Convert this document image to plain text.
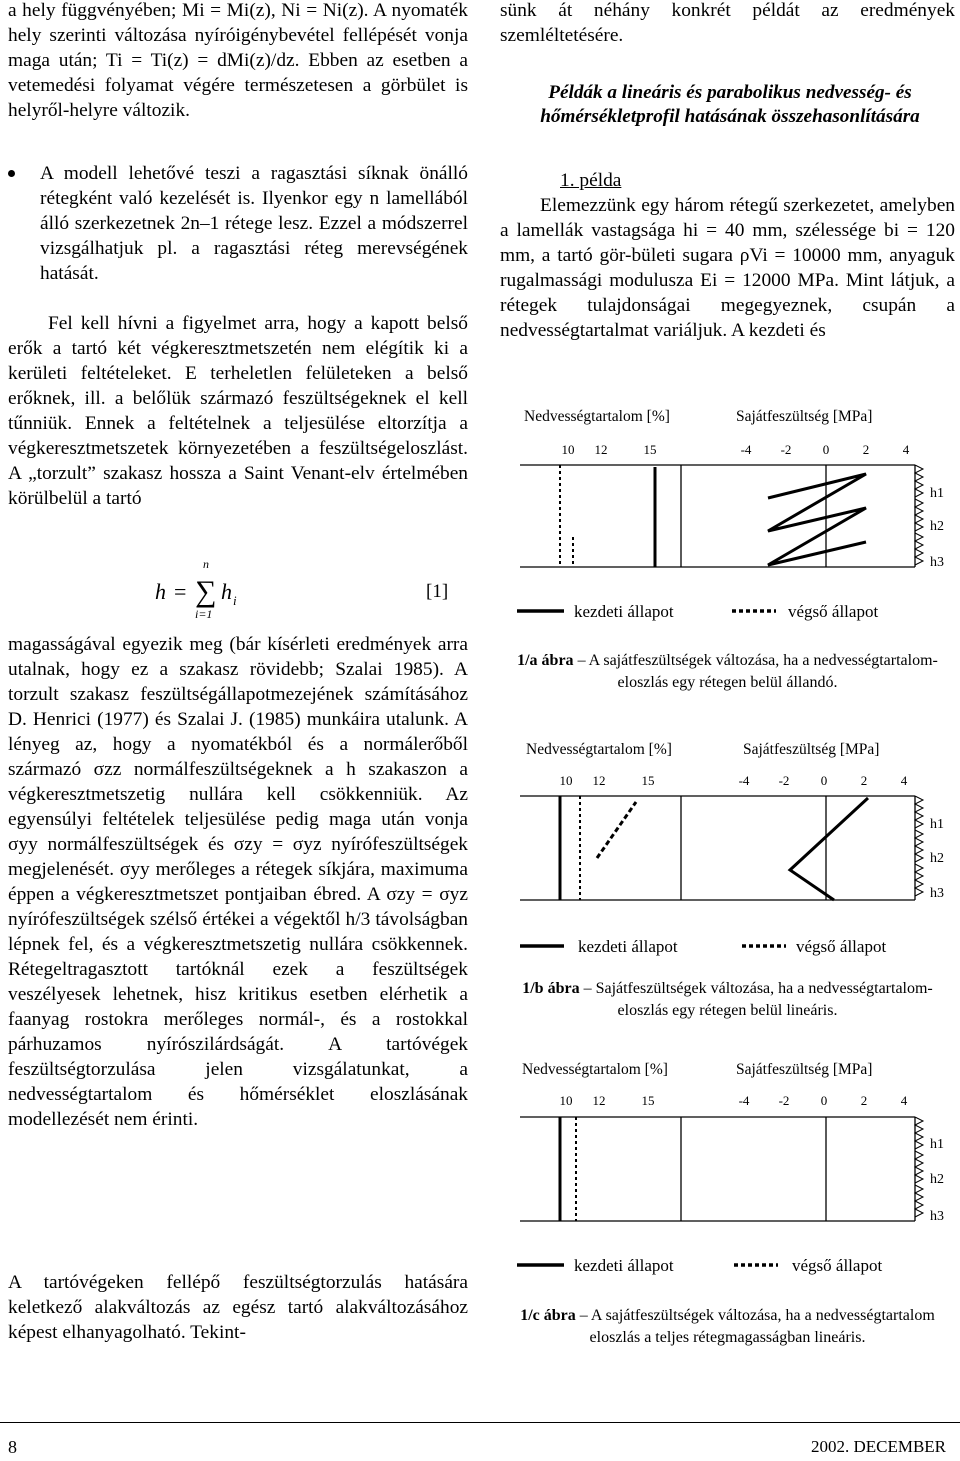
a hely függvényében; Mi = Mi(z), Ni = Ni(z). A nyomaték hely szerinti változása nyíróigénybevétel fellépését vonja maga után; Ti = Ti(z) = dMi(z)/dz. Ebben az esetben a vetemedési folyamat végére természetesen a görbület is helyről-helyre változik.

A modell lehetővé teszi a ragasztási síknak önálló rétegként való kezelését is. Ilyenkor egy n lamellából álló szerkezetnek 2n–1 rétege lesz. Ezzel a módszerrel vizsgálhatjuk pl. a ragasztási réteg merevségének hatását.

Fel kell hívni a figyelmet arra, hogy a kapott belső erők a tartó két végkeresztmetszetén nem elégítik ki a kerületi feltételeket. E terheletlen felületeken a belső erőknek, ill. a belőlük származó feszültségeknek el kell tűnniük. Ennek a feltételnek a teljesülése eltorzítja a végkeresztmetszetek környezetében a feszültségeloszlást. A „torzult” szakasz hossza a Saint Venant-elv értelmében körülbelül a tartó

h =
n
∑
i=1
h i	[1]

magasságával egyezik meg (bár kísérleti eredmények arra utalnak, hogy ez a szakasz rövidebb; Szalai 1985). A torzult szakasz feszültségállapotmezejének számításához D. Henrici (1977) és Szalai J. (1985) munkáira utalunk. A lényeg az, hogy a nyomatékból és a normálerőből származó σzz normálfeszültségeknek a h szakaszon a végkeresztmetszetig nullára kell csökkenniük. Az egyensúlyi feltételek teljesülése pedig maga után vonja σyy normálfeszültségek és σzy = σyz nyírófeszültségek megjelenését. σyy merőleges a rétegek síkjára, maximuma éppen a végkeresztmetszet pontjaiban ébred. A σzy = σyz nyírófeszültségek szélső értékei a végektől h/3 távolságban lépnek fel, és a végkeresztmetszetig nullára csökkennek. Rétegeltragasztott tartóknál ezek a feszültségek veszélyesek lehetnek, hisz kritikus esetben elérhetik a faanyag rostokra merőleges normál-, és a rostokkal párhuzamos nyírószilárdságát. A tartóvégek feszültségtorzulása jelen vizsgálatunkat, a nedvességtartalom és hőmérséklet eloszlásának modellezését nem érinti.

A tartóvégeken fellépő feszültségtorzulás hatására keletkező alakváltozás az egész tartó alakváltozásához képest elhanyagolható. Tekint-

sünk át néhány konkrét példát az eredmények szemléltetésére.

Példák a lineáris és parabolikus nedvesség- és hőmérsékletprofil hatásának összehasonlítására

1. példa

Elemezzünk egy három rétegű szerkezetet, amelyben a lamellák vastagsága hi = 40 mm, szélessége bi = 120 mm, a tartó gör-bületi sugara ρVi = 10000 mm, anyaguk rugalmassági modulusza Ei = 12000 MPa. Mint látjuk, a rétegek tulajdonságai megegyeznek, csupán a nedvességtartalmat variáljuk. A kezdeti és

Nedvességtartalom [%]	Sajátfeszültség [MPa]
10 12	15	-4 -2 0	2	4
h1
h2
h3
kezdeti állapot	végső állapot
1/a ábra – A sajátfeszültségek változása, ha a nedvességtartalom-eloszlás egy rétegen belül állandó.
Nedvességtartalom [%]	Sajátfeszültség [MPa]
10 12	15	-4 -2 0	2	4
h1
h2
h3
kezdeti állapot	végső állapot
1/b ábra – Sajátfeszültségek változása, ha a nedvességtartalom-eloszlás egy rétegen belül lineáris.
Nedvességtartalom [%]	Sajátfeszültség [MPa]
10 12	15	-4 -2 0	2	4
h1
h2
h3
kezdeti állapot	végső állapot
1/c ábra – A sajátfeszültségek változása, ha a nedvességtartalom eloszlás a teljes rétegmagasságban lineáris.
8	2002. DECEMBER
